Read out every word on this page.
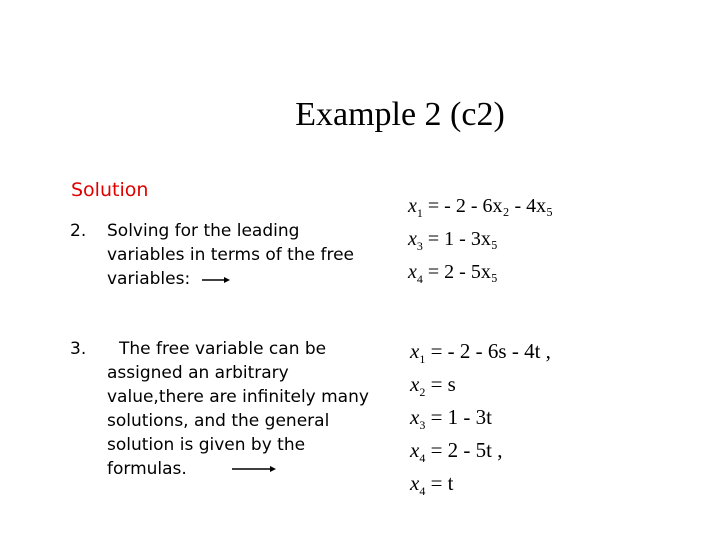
Example 2 (c2)
Solution
2. Solving for the leading
variables in terms of the free
variables:
3.	The free variable can be
assigned an arbitrary
value,there are infinitely many
solutions, and the general
solution is given by the
formulas.
$x_1$ = - 2 - 6x₂ - 4x₅
$x_3 = 1 - 3x_5$
$x_4 = 2 - 5x_5$
$x_1$ = - 2 - 6s - 4t ,
$x_2 = s$
$x_3 = 1 - 3t$
$x_4 = 2 - 5t$ ,
$x_4 = t$
